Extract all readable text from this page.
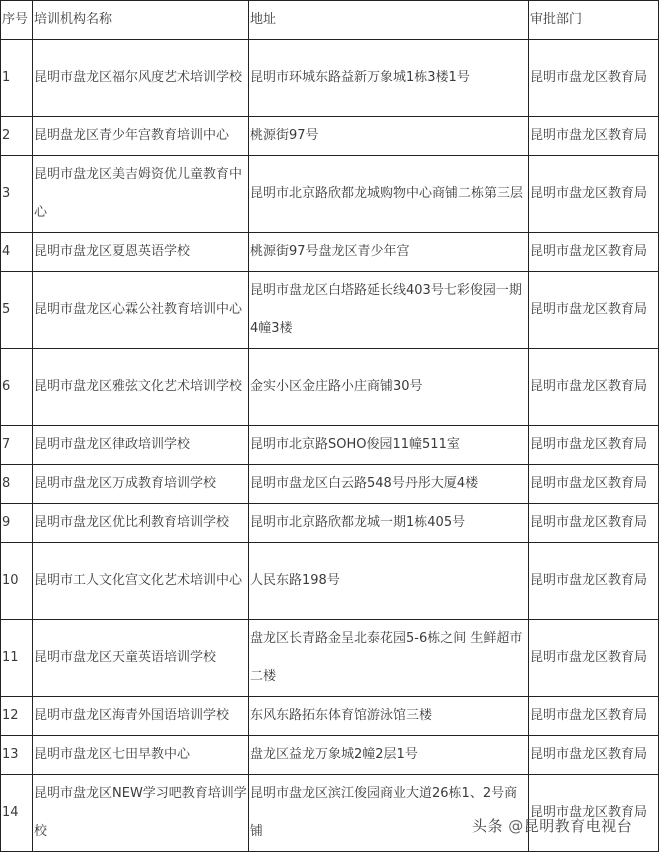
序号	培训机构名称	地址	审批部门
1	昆明市盘龙区福尔风度艺术培训学校	昆明市环城东路益新万象城1栋3楼1号	昆明市盘龙区教育局
2	昆明盘龙区青少年宫教育培训中心	桃源街97号	昆明市盘龙区教育局
3	昆明市盘龙区美吉姆资优儿童教育中心	昆明市北京路欣都龙城购物中心商铺二栋第三层	昆明市盘龙区教育局
4	昆明市盘龙区夏恩英语学校	桃源街97号盘龙区青少年宫	昆明市盘龙区教育局
5	昆明市盘龙区心霖公社教育培训中心	昆明市盘龙区白塔路延长线403号七彩俊园一期4幢3楼	昆明市盘龙区教育局
6	昆明市盘龙区雅弦文化艺术培训学校	金实小区金庄路小庄商铺30号	昆明市盘龙区教育局
7	昆明市盘龙区律政培训学校	昆明市北京路SOHO俊园11幢511室	昆明市盘龙区教育局
8	昆明市盘龙区万成教育培训学校	昆明市盘龙区白云路548号丹彤大厦4楼	昆明市盘龙区教育局
9	昆明市盘龙区优比利教育培训学校	昆明市北京路欣都龙城一期1栋405号	昆明市盘龙区教育局
10	昆明市工人文化宫文化艺术培训中心	人民东路198号	昆明市盘龙区教育局
11	昆明市盘龙区天童英语培训学校	盘龙区长青路金呈北泰花园5-6栋之间 生鲜超市二楼	昆明市盘龙区教育局
12	昆明市盘龙区海青外国语培训学校	东风东路拓东体育馆游泳馆三楼	昆明市盘龙区教育局
13	昆明市盘龙区七田早教中心	盘龙区益龙万象城2幢2层1号	昆明市盘龙区教育局
14	昆明市盘龙区NEW学习吧教育培训学校	昆明市盘龙区滨江俊园商业大道26栋1、2号商铺	昆明市盘龙区教育局
头条 @昆明教育电视台
